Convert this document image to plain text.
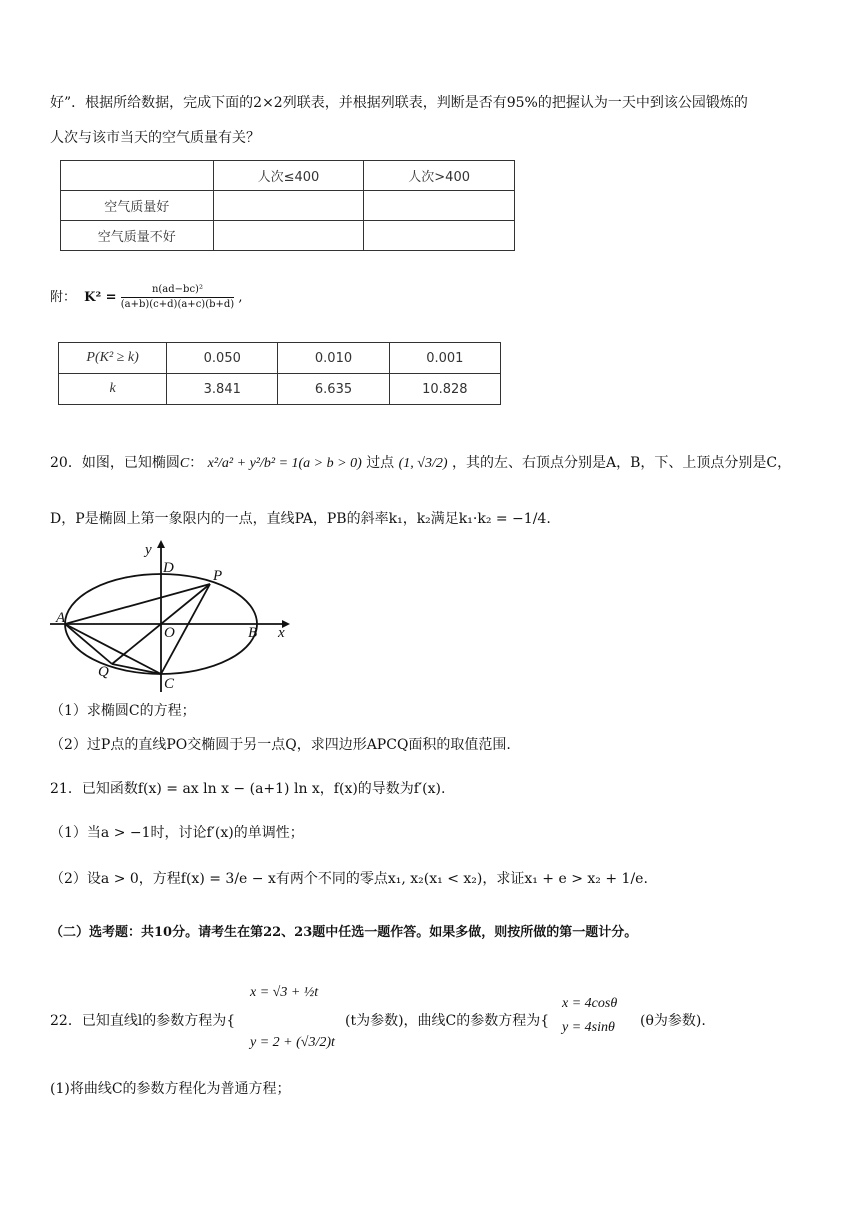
好”．根据所给数据，完成下面的2×2列联表，并根据列联表，判断是否有95%的把握认为一天中到该公园锻炼的
人次与该市当天的空气质量有关？
	人次≤400	人次>400
空气质量好		
空气质量不好		
附： $K^2 = \frac{\text{n(ad−bc)²}}{(a+b)(c+d)(a+c)(b+d)}$ ,
P(K² ≥ k)	0.050	0.010	0.001
k	3.841	6.635	10.828
20．如图，已知椭圆C： x²/a² + y²/b² = 1(a > b > 0) 过点 (1, √3/2) ，其的左、右顶点分别是A，B，下、上顶点分别是C，
D，P是椭圆上第一象限内的一点，直线PA，PB的斜率k₁，k₂满足k₁·k₂ = −1/4.
y
D	P
A
O	B x
Q
C
（1）求椭圆C的方程；
（2）过P点的直线PO交椭圆于另一点Q，求四边形APCQ面积的取值范围.
21．已知函数f(x) = ax ln x − (a+1) ln x，f(x)的导数为f′(x).
（1）当a > −1时，讨论f′(x)的单调性；
（2）设a > 0，方程f(x) = 3/e − x有两个不同的零点x₁, x₂(x₁ < x₂)，求证x₁ + e > x₂ + 1/e.
（二）选考题：共10分。请考生在第22、23题中任选一题作答。如果多做，则按所做的第一题计分。
22．已知直线l的参数方程为{
x = √3 + ½t
y = 2 + (√3/2)t
(t为参数)，曲线C的参数方程为{
x = 4cosθ
y = 4sinθ (θ为参数).
(1)将曲线C的参数方程化为普通方程；
